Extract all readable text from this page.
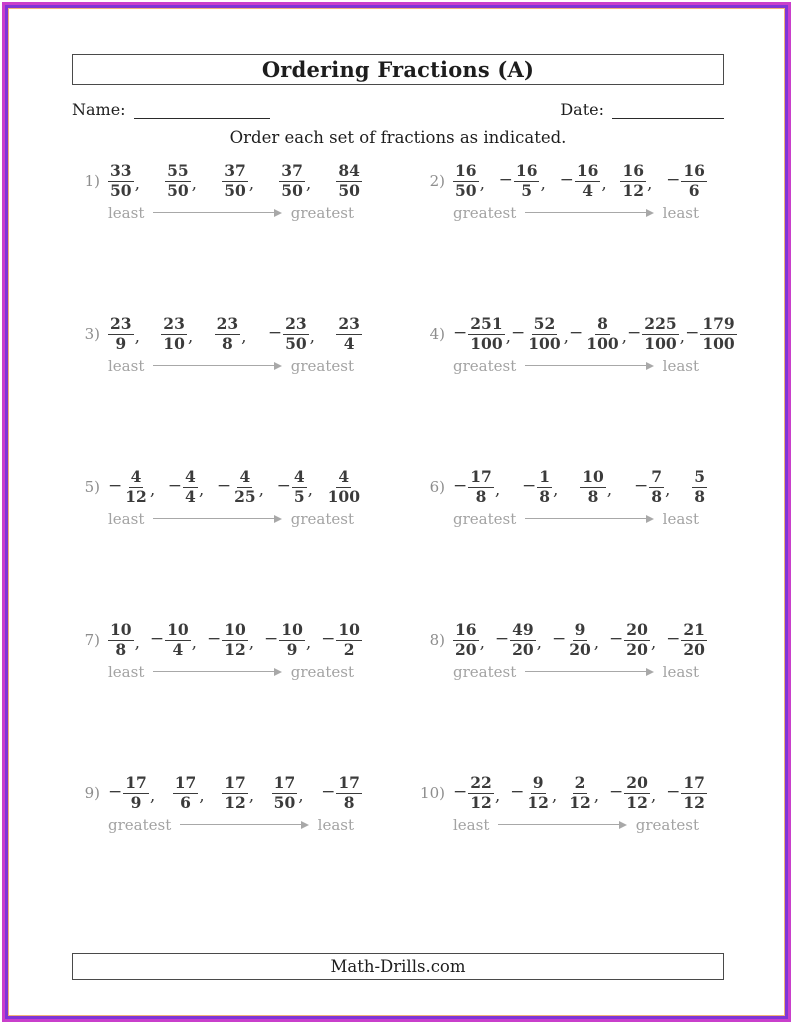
Ordering Fractions (A)
Name:	Date:
Order each set of fractions as indicated.
$1) \frac{33}{50}$ , $\frac{55}{50}$ , $\frac{37}{50}$ , $\frac{37}{50}$ , $\frac{84}{50}$
least	greatest
$2) \frac{16}{50}$ , − $\frac{16}{5}$ , − $\frac{16}{4}$ , $\frac{16}{12}$ , − $\frac{16}{6}$
greatest	least
$3) \frac{23}{9}$ , $\frac{23}{10}$ , $\frac{23}{8}$ , − $\frac{23}{50}$ , $\frac{23}{4}$
least	greatest
$4) - \frac{251}{100}$ , − $\frac{52}{100}$ , − $\frac{8}{100}$ , − $\frac{225}{100}$ , − $\frac{179}{100}$
greatest	least
$5) - \frac{4}{12}$ , − $\frac{4}{4}$ , − $\frac{4}{25}$ , − $\frac{4}{5}$ , $\frac{4}{100}$
least	greatest
$6) - \frac{17}{8}$ , − $\frac{1}{8}$ , $\frac{10}{8}$ , − $\frac{7}{8}$ , $\frac{5}{8}$
greatest	least
$7) \frac{10}{8}$ , − $\frac{10}{4}$ , − $\frac{10}{12}$ , − $\frac{10}{9}$ , − $\frac{10}{2}$
least	greatest
$8) \frac{16}{20}$ , − $\frac{49}{20}$ , − $\frac{9}{20}$ , − $\frac{20}{20}$ , − $\frac{21}{20}$
greatest	least
$9) - \frac{17}{9}$ , $\frac{17}{6}$ , $\frac{17}{12}$ , $\frac{17}{50}$ , − $\frac{17}{8}$
greatest	least
$10) - \frac{22}{12}$ , − $\frac{9}{12}$ , $\frac{2}{12}$ , − $\frac{20}{12}$ , − $\frac{17}{12}$
least	greatest
Math-Drills.com
